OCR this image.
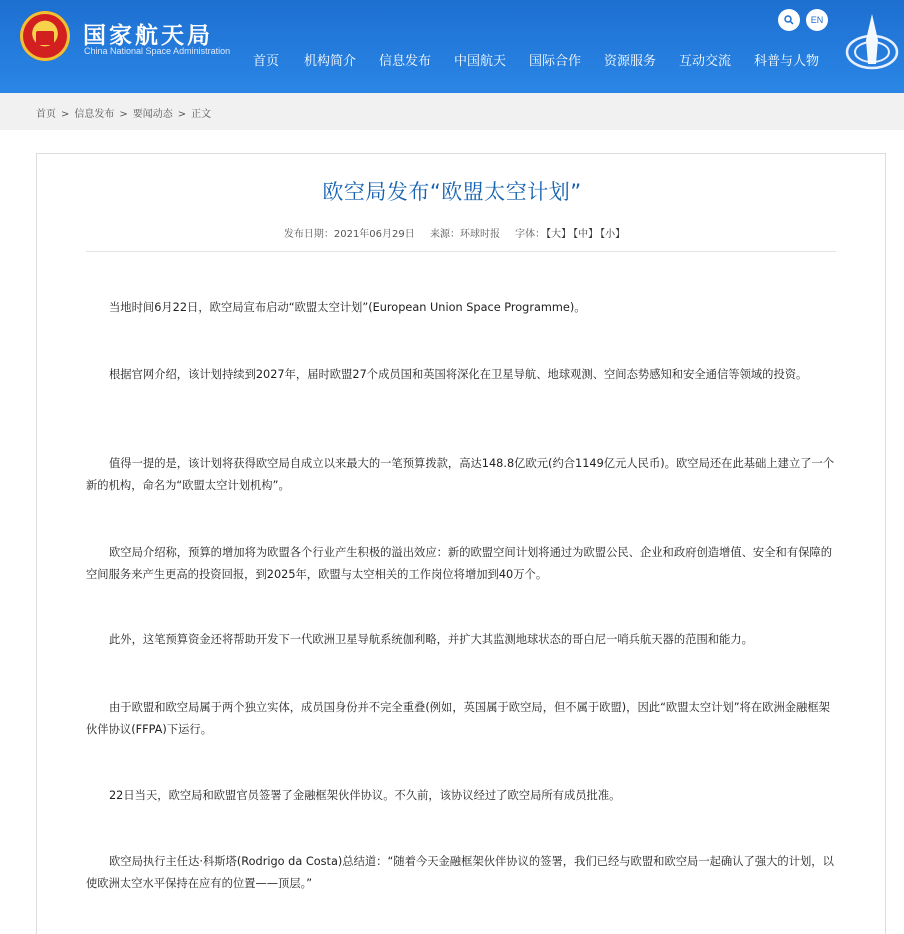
国家航天局
China National Space Administration
首页 机构简介 信息发布 中国航天 国际合作 资源服务 互动交流 科普与人物
EN
首页 > 信息发布 > 要闻动态 > 正文
欧空局发布“欧盟太空计划”
发布日期：2021年06月29日 来源：环球时报 字体：【大】 【中】 【小】

当地时间6月22日，欧空局宣布启动“欧盟太空计划”(European Union Space Programme)。

根据官网介绍，该计划持续到2027年，届时欧盟27个成员国和英国将深化在卫星导航、地球观测、空间态势感知和安全通信等领域的投资。

值得一提的是，该计划将获得欧空局自成立以来最大的一笔预算拨款，高达148.8亿欧元(约合1149亿元人民币)。欧空局还在此基础上建立了一个新的机构，命名为“欧盟太空计划机构”。

欧空局介绍称，预算的增加将为欧盟各个行业产生积极的溢出效应：新的欧盟空间计划将通过为欧盟公民、企业和政府创造增值、安全和有保障的空间服务来产生更高的投资回报，到2025年，欧盟与太空相关的工作岗位将增加到40万个。

此外，这笔预算资金还将帮助开发下一代欧洲卫星导航系统伽利略，并扩大其监测地球状态的哥白尼一哨兵航天器的范围和能力。

由于欧盟和欧空局属于两个独立实体，成员国身份并不完全重叠(例如，英国属于欧空局，但不属于欧盟)，因此“欧盟太空计划”将在欧洲金融框架伙伴协议(FFPA)下运行。

22日当天，欧空局和欧盟官员签署了金融框架伙伴协议。不久前，该协议经过了欧空局所有成员批准。

欧空局执行主任达·科斯塔(Rodrigo da Costa)总结道：“随着今天金融框架伙伴协议的签署，我们已经与欧盟和欧空局一起确认了强大的计划，以使欧洲太空水平保持在应有的位置——顶层。”
